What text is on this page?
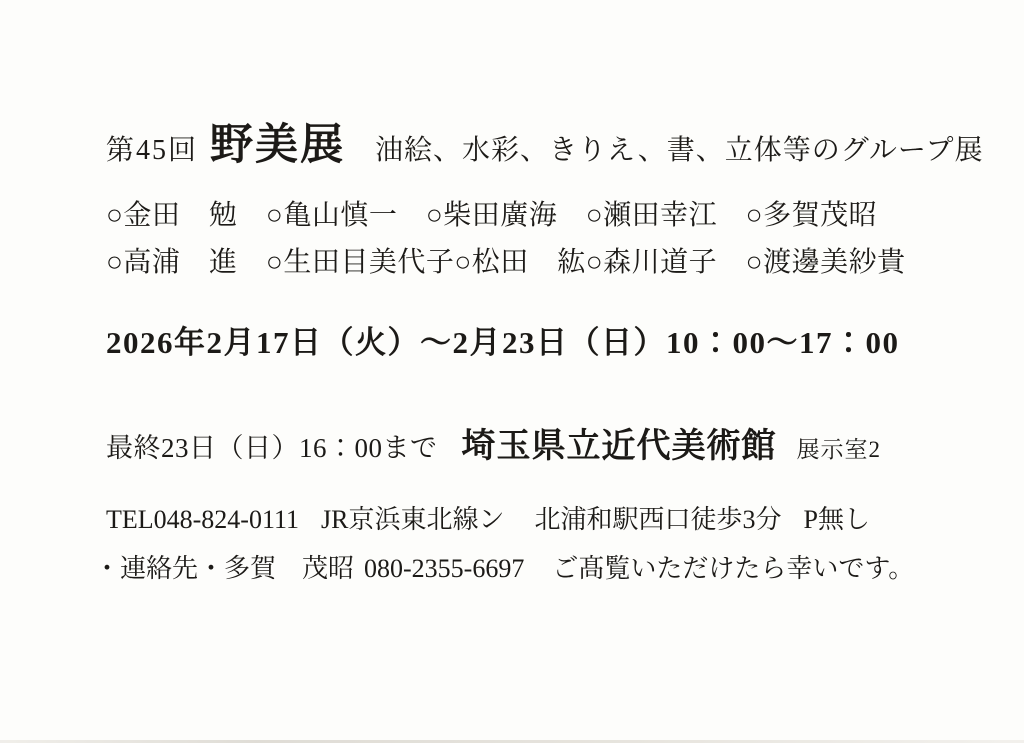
第45回 野美展 油絵、水彩、きりえ、書、立体等のグループ展
○金田　勉　○亀山慎一　○柴田廣海　○瀬田幸江　○多賀茂昭
○高浦　進　○生田目美代子○松田　紘○森川道子　○渡邊美紗貴
2026年2月17日（火）～2月23日（日）10：00～17：00
最終23日（日）16：00まで 埼玉県立近代美術館 展示室2
TEL048-824-0111 JR京浜東北線ン 北浦和駅西口徒歩3分 P無し
・連絡先・多賀　茂昭 080-2355-6697 ご髙覧いただけたら幸いです。
